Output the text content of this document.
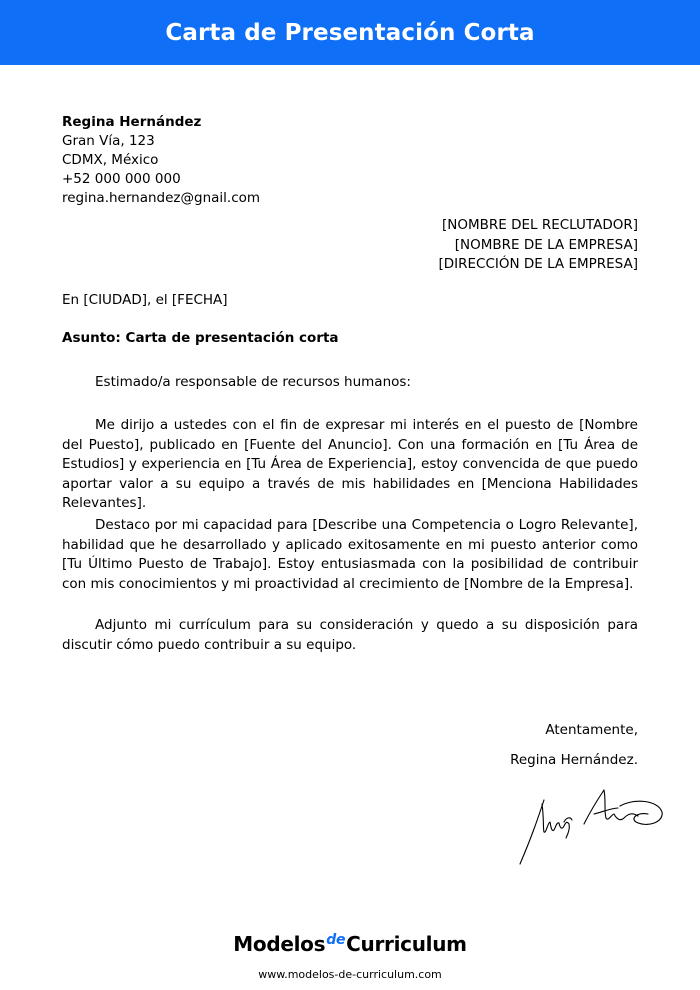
Carta de Presentación Corta
Regina Hernández
Gran Vía, 123
CDMX, México
+52 000 000 000
regina.hernandez@gnail.com
[NOMBRE DEL RECLUTADOR]
[NOMBRE DE LA EMPRESA]
[DIRECCIÓN DE LA EMPRESA]
En [CIUDAD], el [FECHA]
Asunto: Carta de presentación corta

Estimado/a responsable de recursos humanos:

Me dirijo a ustedes con el fin de expresar mi interés en el puesto de [Nombre del Puesto], publicado en [Fuente del Anuncio]. Con una formación en [Tu Área de Estudios] y experiencia en [Tu Área de Experiencia], estoy convencida de que puedo aportar valor a su equipo a través de mis habilidades en [Menciona Habilidades Relevantes].

Destaco por mi capacidad para [Describe una Competencia o Logro Relevante], habilidad que he desarrollado y aplicado exitosamente en mi puesto anterior como [Tu Último Puesto de Trabajo]. Estoy entusiasmada con la posibilidad de contribuir con mis conocimientos y mi proactividad al crecimiento de [Nombre de la Empresa].

Adjunto mi currículum para su consideración y quedo a su disposición para discutir cómo puedo contribuir a su equipo.

Atentamente,
Regina Hernández.
Modelos de Curriculum
www.modelos-de-curriculum.com
